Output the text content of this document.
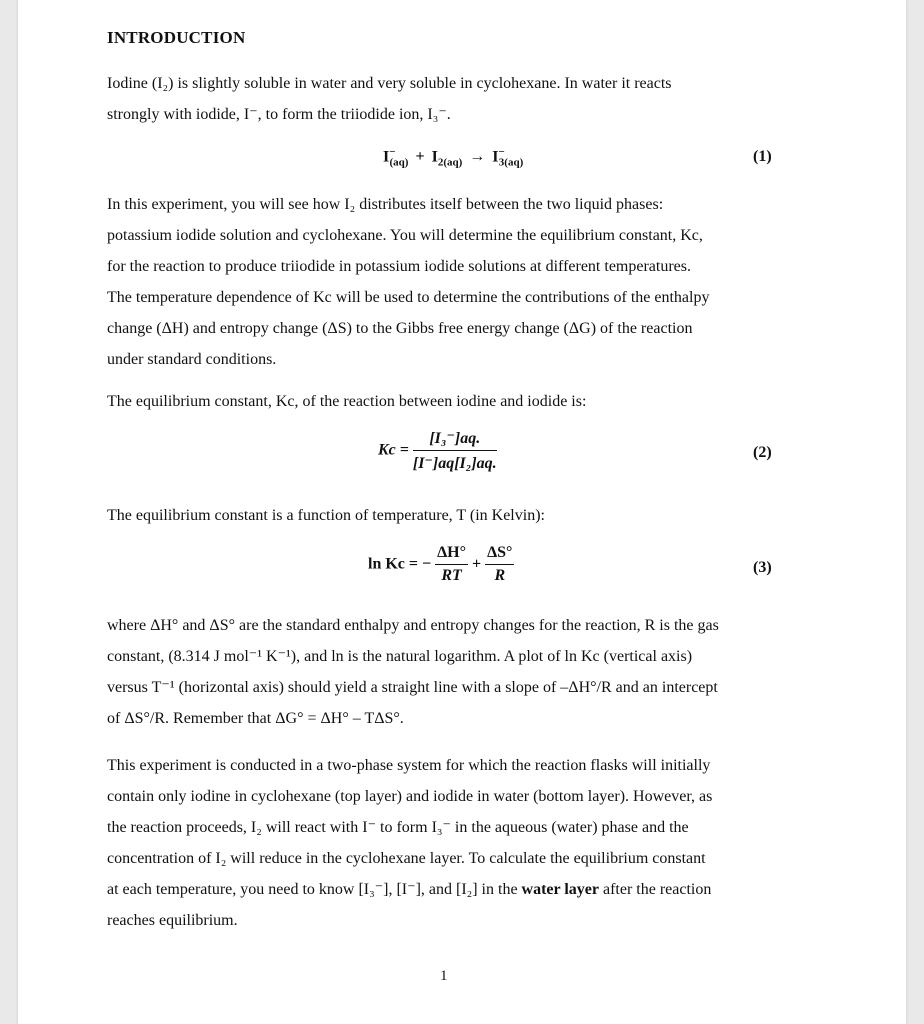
INTRODUCTION
Iodine (I₂) is slightly soluble in water and very soluble in cyclohexane. In water it reacts
strongly with iodide, I⁻, to form the triiodide ion, I₃⁻.
$I^-_{(aq)} + I_{2(aq)} \to I^-_{3(aq)}$	(1)
In this experiment, you will see how I₂ distributes itself between the two liquid phases:
potassium iodide solution and cyclohexane. You will determine the equilibrium constant, Kc,
for the reaction to produce triiodide in potassium iodide solutions at different temperatures.
The temperature dependence of Kc will be used to determine the contributions of the enthalpy
change (ΔH) and entropy change (ΔS) to the Gibbs free energy change (ΔG) of the reaction
under standard conditions.
The equilibrium constant, Kc, of the reaction between iodine and iodide is:
$Kc = \frac{\text{[I₃⁻]aq.}}{\text{[I⁻]aq[I₂]aq.}}$	(2)
The equilibrium constant is a function of temperature, T (in Kelvin):
ln Kc = − $\frac{\Delta H^\circ}{RT} + \frac{\Delta S^\circ}{R}$	(3)
where ΔH° and ΔS° are the standard enthalpy and entropy changes for the reaction, R is the gas
constant, (8.314 J mol⁻¹ K⁻¹), and ln is the natural logarithm. A plot of ln Kc (vertical axis)
versus T⁻¹ (horizontal axis) should yield a straight line with a slope of –ΔH°/R and an intercept
of ΔS°/R. Remember that ΔG° = ΔH° – TΔS°.
This experiment is conducted in a two-phase system for which the reaction flasks will initially
contain only iodine in cyclohexane (top layer) and iodide in water (bottom layer). However, as
the reaction proceeds, I₂ will react with I⁻ to form I₃⁻ in the aqueous (water) phase and the
concentration of I₂ will reduce in the cyclohexane layer. To calculate the equilibrium constant
at each temperature, you need to know [I₃⁻], [I⁻], and [I₂] in the water layer after the reaction
reaches equilibrium.
1
